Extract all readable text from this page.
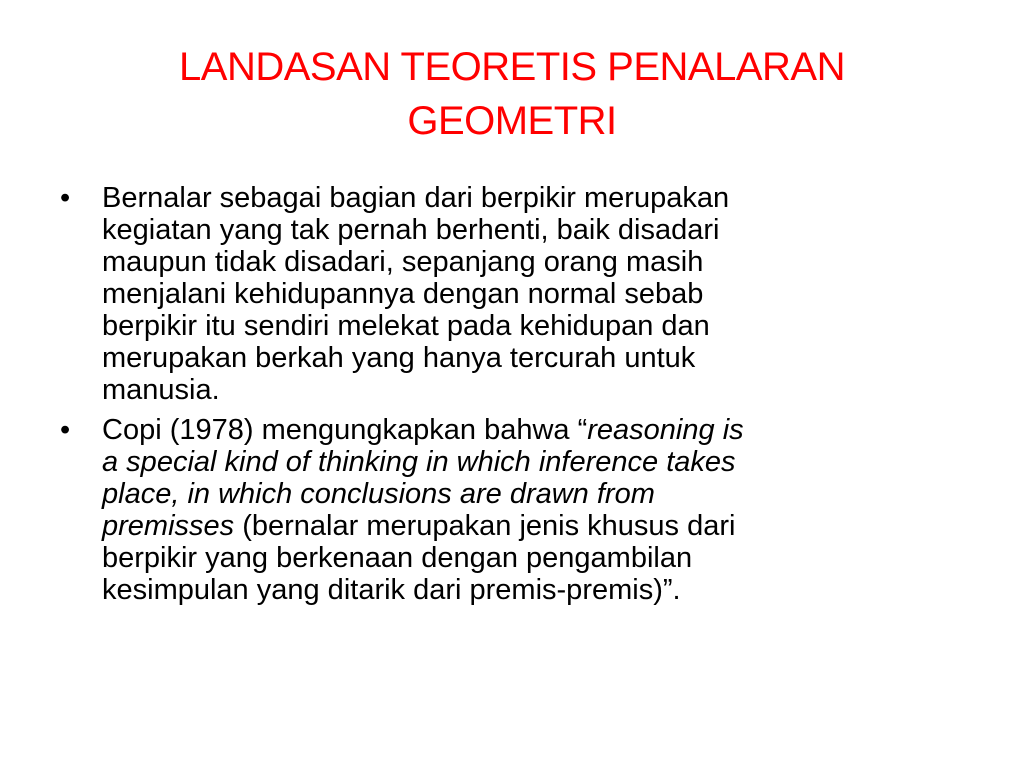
LANDASAN TEORETIS PENALARAN
GEOMETRI
• Bernalar sebagai bagian dari berpikir merupakan
kegiatan yang tak pernah berhenti, baik disadari
maupun tidak disadari, sepanjang orang masih
menjalani kehidupannya dengan normal sebab
berpikir itu sendiri melekat pada kehidupan dan
merupakan berkah yang hanya tercurah untuk
manusia.
• Copi (1978) mengungkapkan bahwa “reasoning is
a special kind of thinking in which inference takes
place, in which conclusions are drawn from
premisses (bernalar merupakan jenis khusus dari
berpikir yang berkenaan dengan pengambilan
kesimpulan yang ditarik dari premis-premis)”.
